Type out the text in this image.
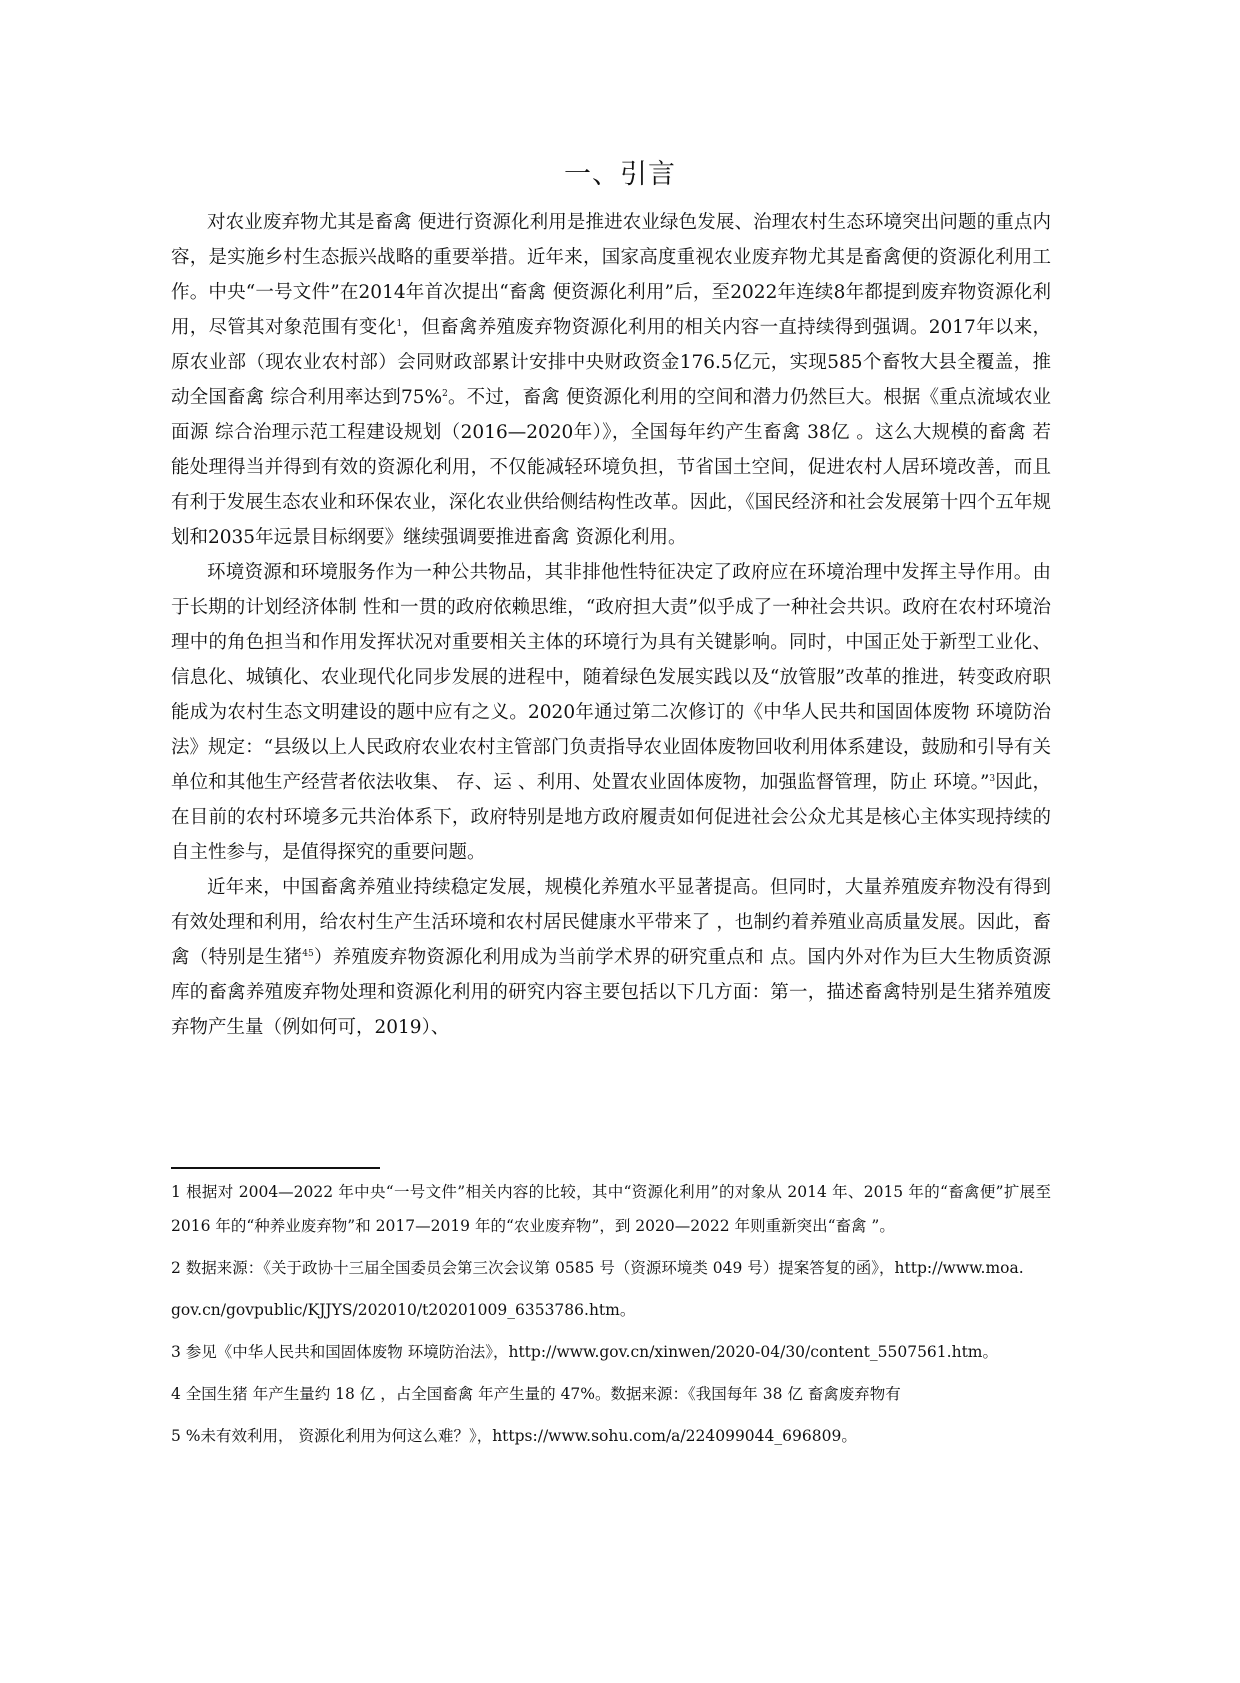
一、引言

对农业废弃物尤其是畜禽 便进行资源化利用是推进农业绿色发展、治理农村生态环境突出问题的重点内容，是实施乡村生态振兴战略的重要举措。近年来，国家高度重视农业废弃物尤其是畜禽便的资源化利用工作。中央“一号文件”在2014年首次提出“畜禽 便资源化利用”后，至2022年连续8年都提到废弃物资源化利用，尽管其对象范围有变化$^1$，但畜禽养殖废弃物资源化利用的相关内容一直持续得到强调。2017年以来，原农业部（现农业农村部）会同财政部累计安排中央财政资金176.5亿元，实现585个畜牧大县全覆盖，推动全国畜禽 综合利用率达到75%$^2$。不过，畜禽 便资源化利用的空间和潜力仍然巨大。根据《重点流域农业面源 综合治理示范工程建设规划（2016—2020年）》，全国每年约产生畜禽 38亿 。这么大规模的畜禽 若能处理得当并得到有效的资源化利用，不仅能减轻环境负担，节省国土空间，促进农村人居环境改善，而且有利于发展生态农业和环保农业，深化农业供给侧结构性改革。因此，《国民经济和社会发展第十四个五年规划和2035年远景目标纲要》继续强调要推进畜禽 资源化利用。

环境资源和环境服务作为一种公共物品，其非排他性特征决定了政府应在环境治理中发挥主导作用。由于长期的计划经济体制 性和一贯的政府依赖思维，“政府担大责”似乎成了一种社会共识。政府在农村环境治理中的角色担当和作用发挥状况对重要相关主体的环境行为具有关键影响。同时，中国正处于新型工业化、信息化、城镇化、农业现代化同步发展的进程中，随着绿色发展实践以及“放管服”改革的推进，转变政府职能成为农村生态文明建设的题中应有之义。2020年通过第二次修订的《中华人民共和国固体废物 环境防治法》规定：“县级以上人民政府农业农村主管部门负责指导农业固体废物回收利用体系建设，鼓励和引导有关单位和其他生产经营者依法收集、 存、运 、利用、处置农业固体废物，加强监督管理，防止 环境。”$^3$因此，在目前的农村环境多元共治体系下，政府特别是地方政府履责如何促进社会公众尤其是核心主体实现持续的自主性参与，是值得探究的重要问题。

近年来，中国畜禽养殖业持续稳定发展，规模化养殖水平显著提高。但同时，大量养殖废弃物没有得到有效处理和利用，给农村生产生活环境和农村居民健康水平带来了 ，也制约着养殖业高质量发展。因此，畜禽（特别是生猪$^{45}$）养殖废弃物资源化利用成为当前学术界的研究重点和 点。国内外对作为巨大生物质资源库的畜禽养殖废弃物处理和资源化利用的研究内容主要包括以下几方面：第一，描述畜禽特别是生猪养殖废弃物产生量（例如何可，2019）、

1 根据对 2004—2022 年中央“一号文件”相关内容的比较，其中“资源化利用”的对象从 2014 年、2015 年的“畜禽便”扩展至 2016 年的“种养业废弃物”和 2017—2019 年的“农业废弃物”，到 2020—2022 年则重新突出“畜禽 ”。

2 数据来源：《关于政协十三届全国委员会第三次会议第 0585 号（资源环境类 049 号）提案答复的函》，http://www.moa.

gov.cn/govpublic/KJJYS/202010/t20201009_6353786.htm。

3 参见《中华人民共和国固体废物 环境防治法》，http://www.gov.cn/xinwen/2020-04/30/content_5507561.htm。

4 全国生猪 年产生量约 18 亿 ，占全国畜禽 年产生量的 47%。数据来源：《我国每年 38 亿 畜禽废弃物有

5 %未有效利用， 资源化利用为何这么难？》，https://www.sohu.com/a/224099044_696809。
